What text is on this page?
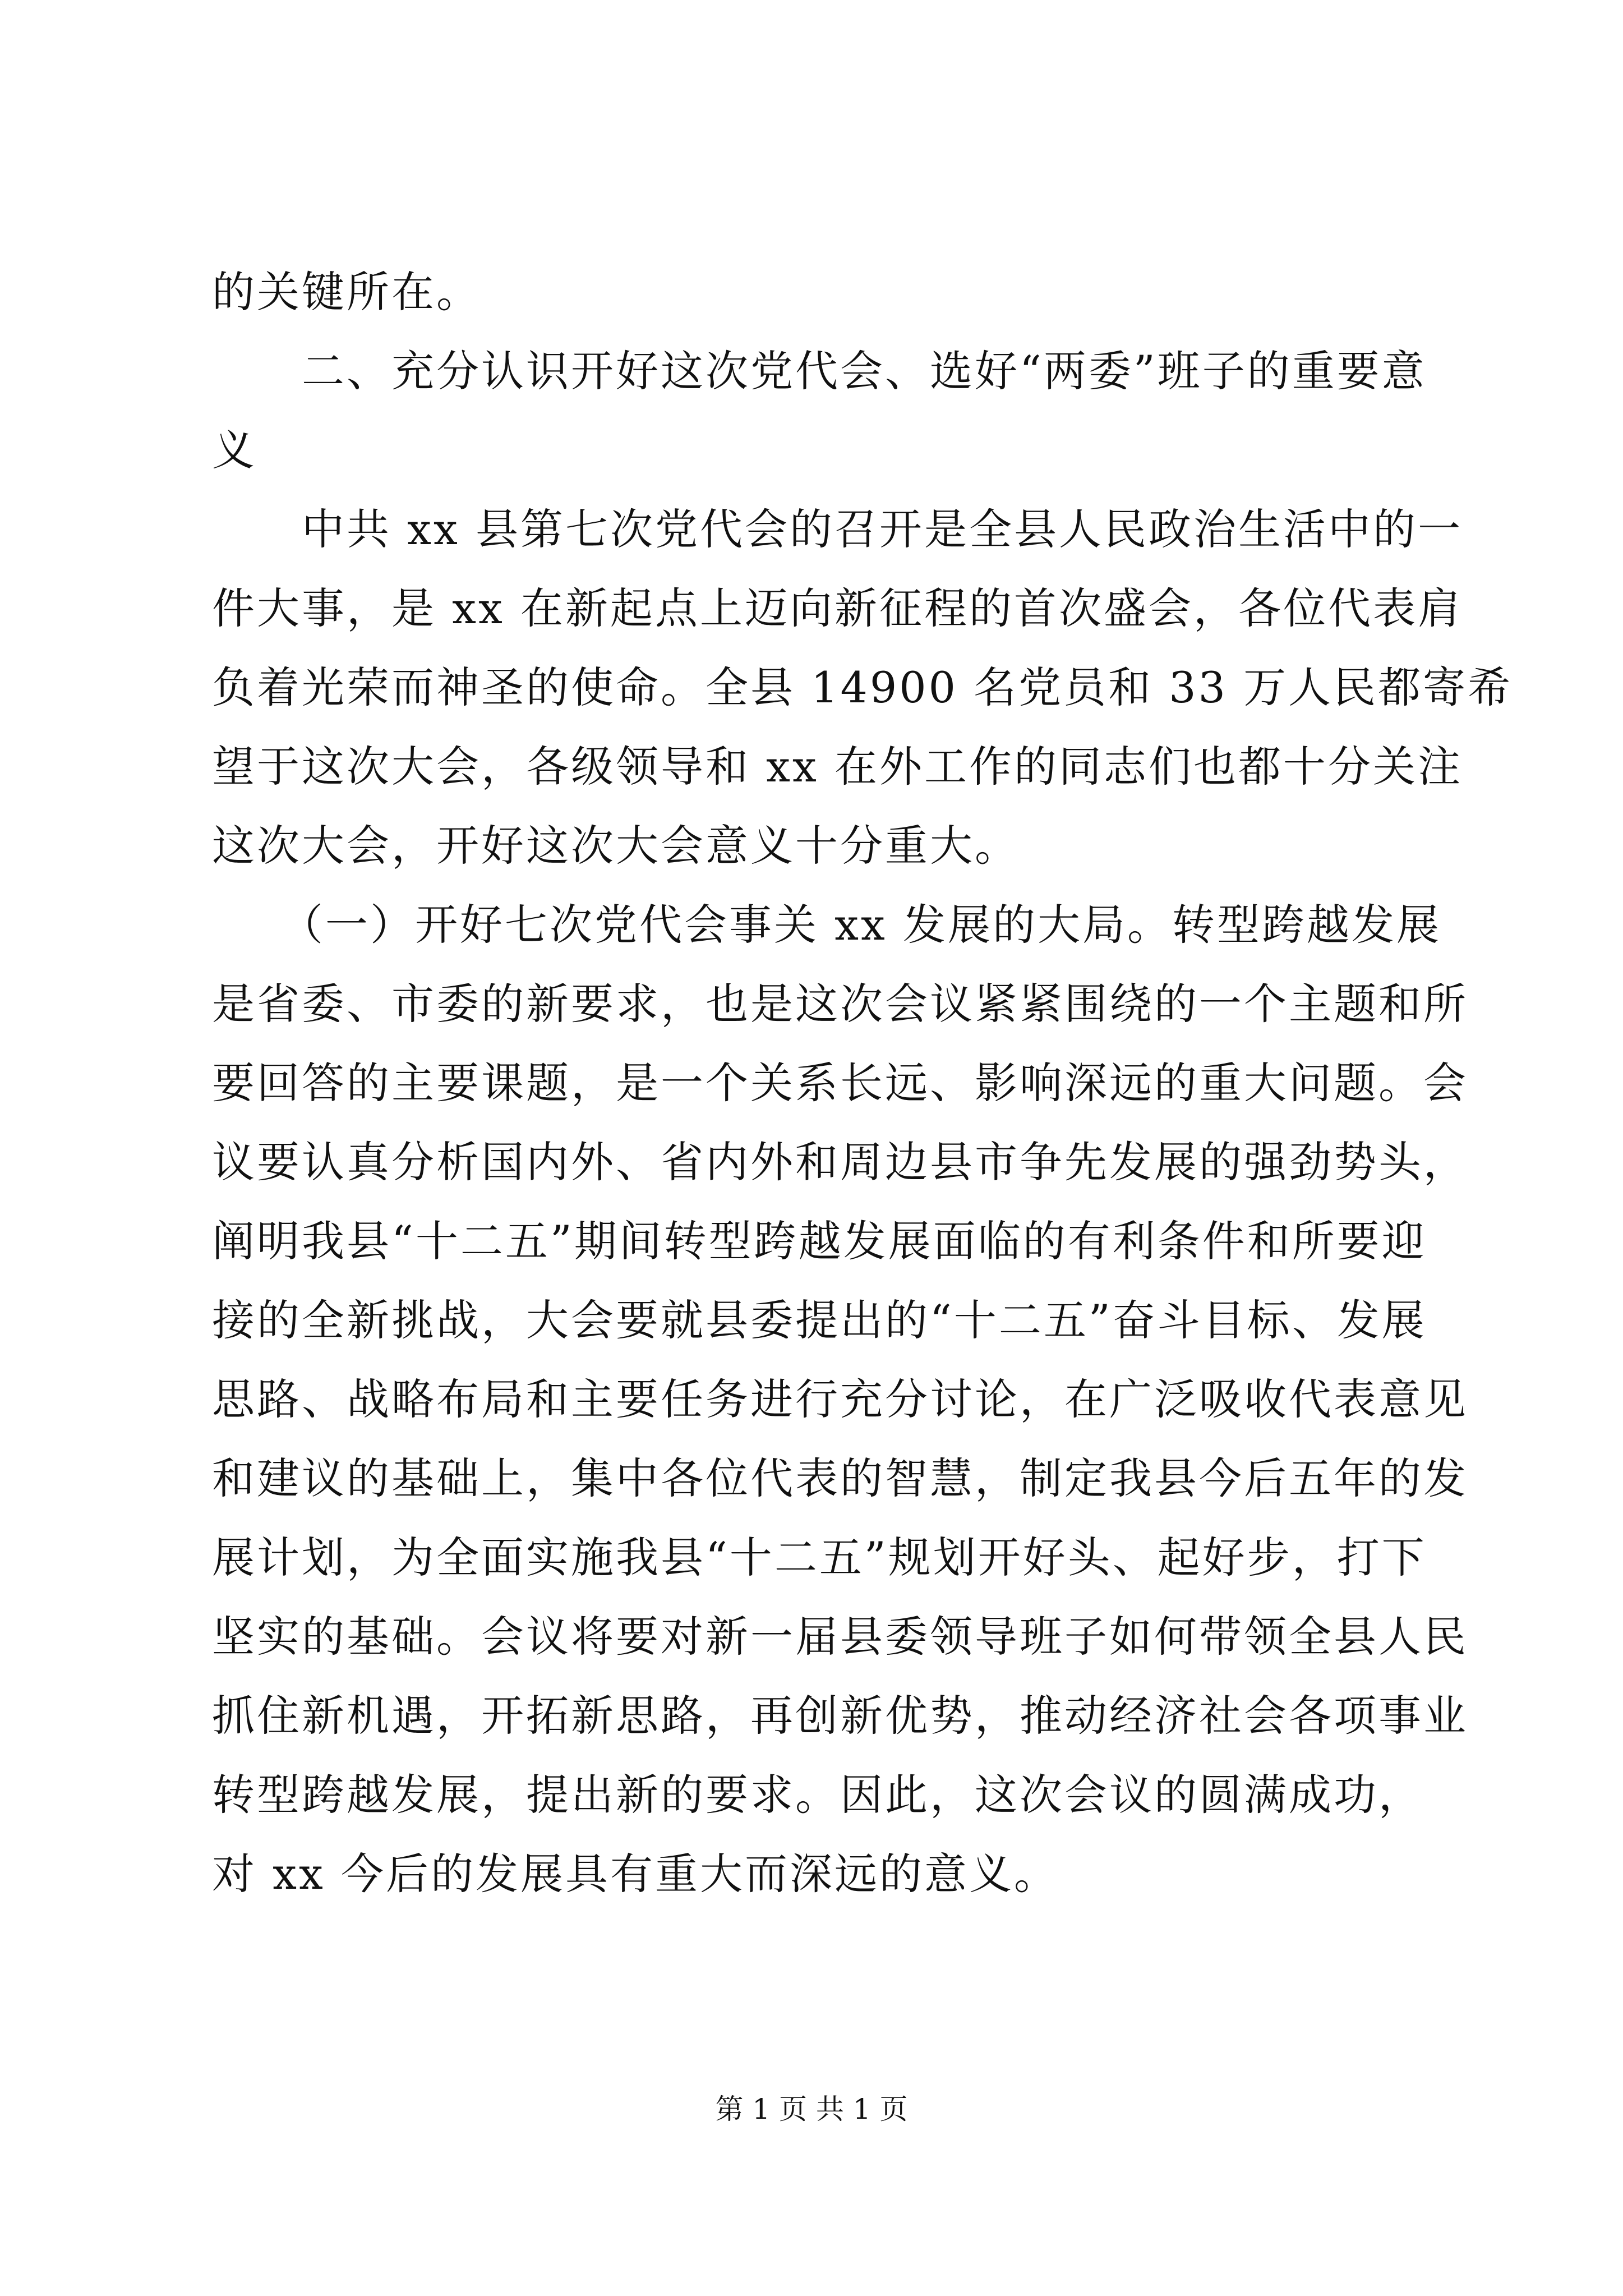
的关键所在。
　　二、充分认识开好这次党代会、选好“两委”班子的重要意
义
　　中共 xx 县第七次党代会的召开是全县人民政治生活中的一
件大事，是 xx 在新起点上迈向新征程的首次盛会，各位代表肩
负着光荣而神圣的使命。全县 14900 名党员和 33 万人民都寄希
望于这次大会，各级领导和 xx 在外工作的同志们也都十分关注
这次大会，开好这次大会意义十分重大。
　　（一）开好七次党代会事关 xx 发展的大局。转型跨越发展
是省委、市委的新要求，也是这次会议紧紧围绕的一个主题和所
要回答的主要课题，是一个关系长远、影响深远的重大问题。会
议要认真分析国内外、省内外和周边县市争先发展的强劲势头，
阐明我县“十二五”期间转型跨越发展面临的有利条件和所要迎
接的全新挑战，大会要就县委提出的“十二五”奋斗目标、发展
思路、战略布局和主要任务进行充分讨论，在广泛吸收代表意见
和建议的基础上，集中各位代表的智慧，制定我县今后五年的发
展计划，为全面实施我县“十二五”规划开好头、起好步，打下
坚实的基础。会议将要对新一届县委领导班子如何带领全县人民
抓住新机遇，开拓新思路，再创新优势，推动经济社会各项事业
转型跨越发展，提出新的要求。因此，这次会议的圆满成功，
对 xx 今后的发展具有重大而深远的意义。
第 1 页 共 1 页
